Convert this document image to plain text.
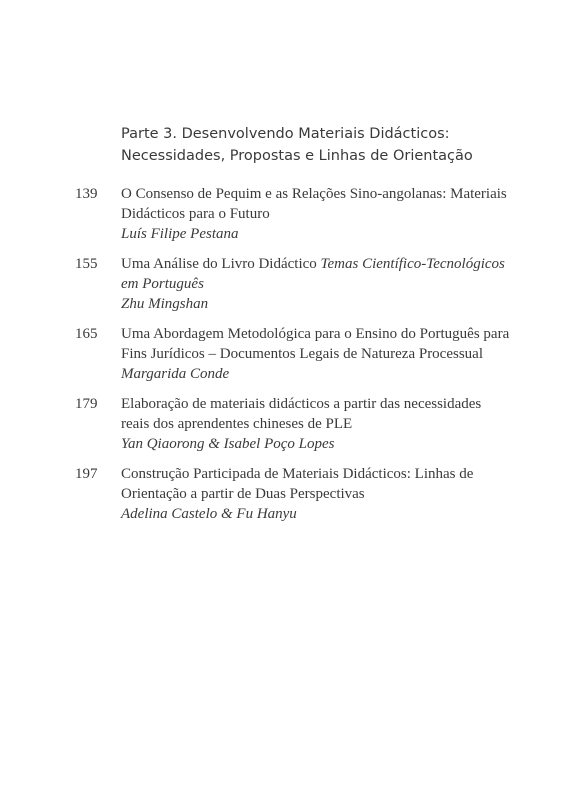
Parte 3. Desenvolvendo Materiais Didácticos:
Necessidades, Propostas e Linhas de Orientação
139 O Consenso de Pequim e as Relações Sino-angolanas: Materiais
Didácticos para o Futuro
Luís Filipe Pestana
155 Uma Análise do Livro Didáctico Temas Científico-Tecnológicos
em Português
Zhu Mingshan
165 Uma Abordagem Metodológica para o Ensino do Português para
Fins Jurídicos – Documentos Legais de Natureza Processual
Margarida Conde
179 Elaboração de materiais didácticos a partir das necessidades
reais dos aprendentes chineses de PLE
Yan Qiaorong & Isabel Poço Lopes
197 Construção Participada de Materiais Didácticos: Linhas de
Orientação a partir de Duas Perspectivas
Adelina Castelo & Fu Hanyu
